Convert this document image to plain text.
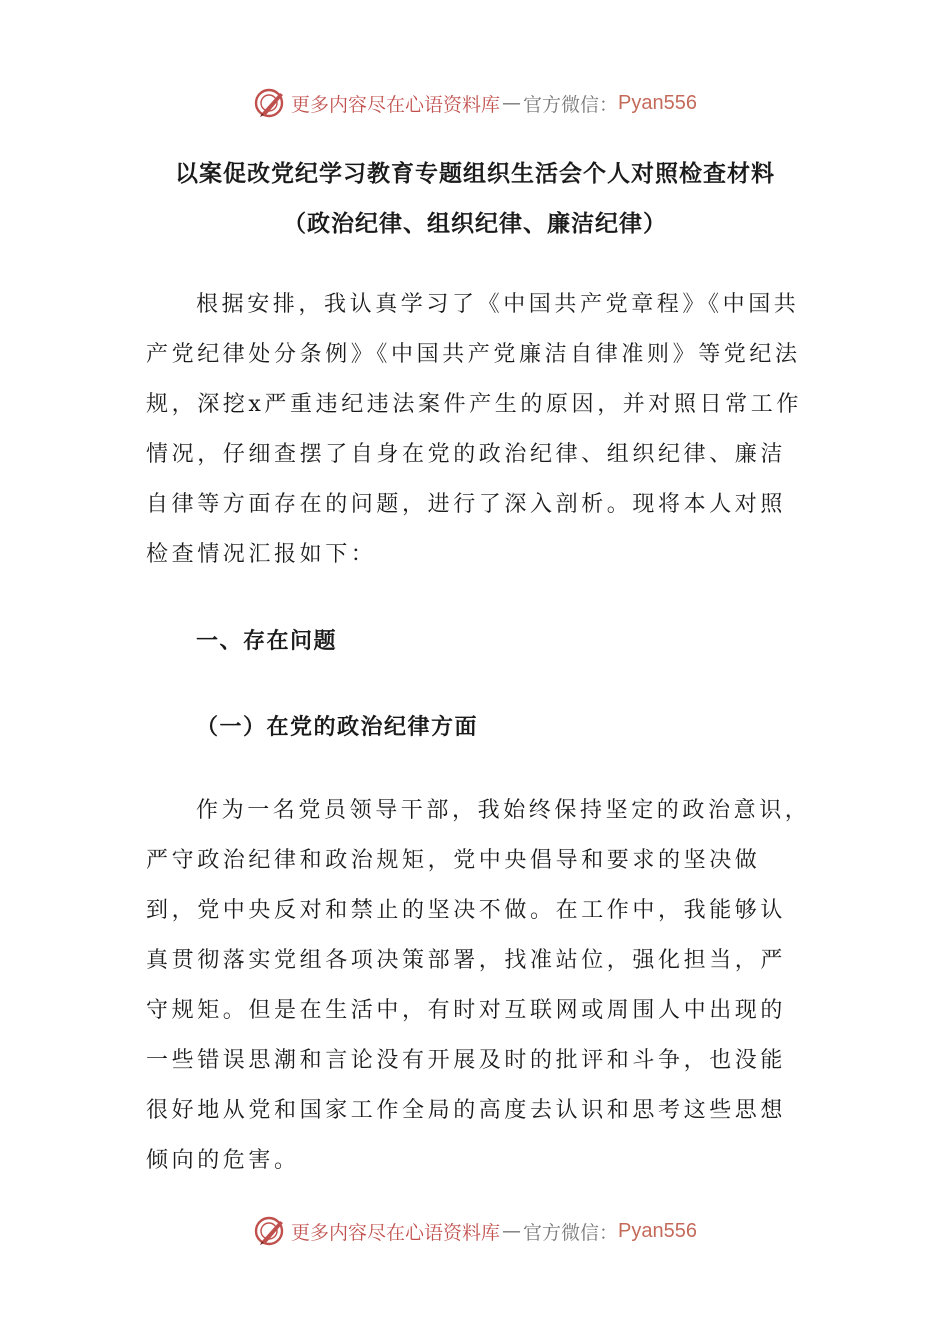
更多内容尽在心语资料库 — 官方微信： Pyan556
以案促改党纪学习教育专题组织生活会个人对照检查材料
（政治纪律、组织纪律、廉洁纪律）

根据安排，我认真学习了《中国共产党章程》《中国共产党纪律处分条例》《中国共产党廉洁自律准则》等党纪法规，深挖x严重违纪违法案件产生的原因，并对照日常工作情况，仔细查摆了自身在党的政治纪律、组织纪律、廉洁自律等方面存在的问题，进行了深入剖析。现将本人对照检查情况汇报如下：

一、存在问题
（一）在党的政治纪律方面

作为一名党员领导干部，我始终保持坚定的政治意识，严守政治纪律和政治规矩，党中央倡导和要求的坚决做到，党中央反对和禁止的坚决不做。在工作中，我能够认真贯彻落实党组各项决策部署，找准站位，强化担当，严守规矩。但是在生活中，有时对互联网或周围人中出现的一些错误思潮和言论没有开展及时的批评和斗争，也没能很好地从党和国家工作全局的高度去认识和思考这些思想倾向的危害。

更多内容尽在心语资料库 — 官方微信： Pyan556
